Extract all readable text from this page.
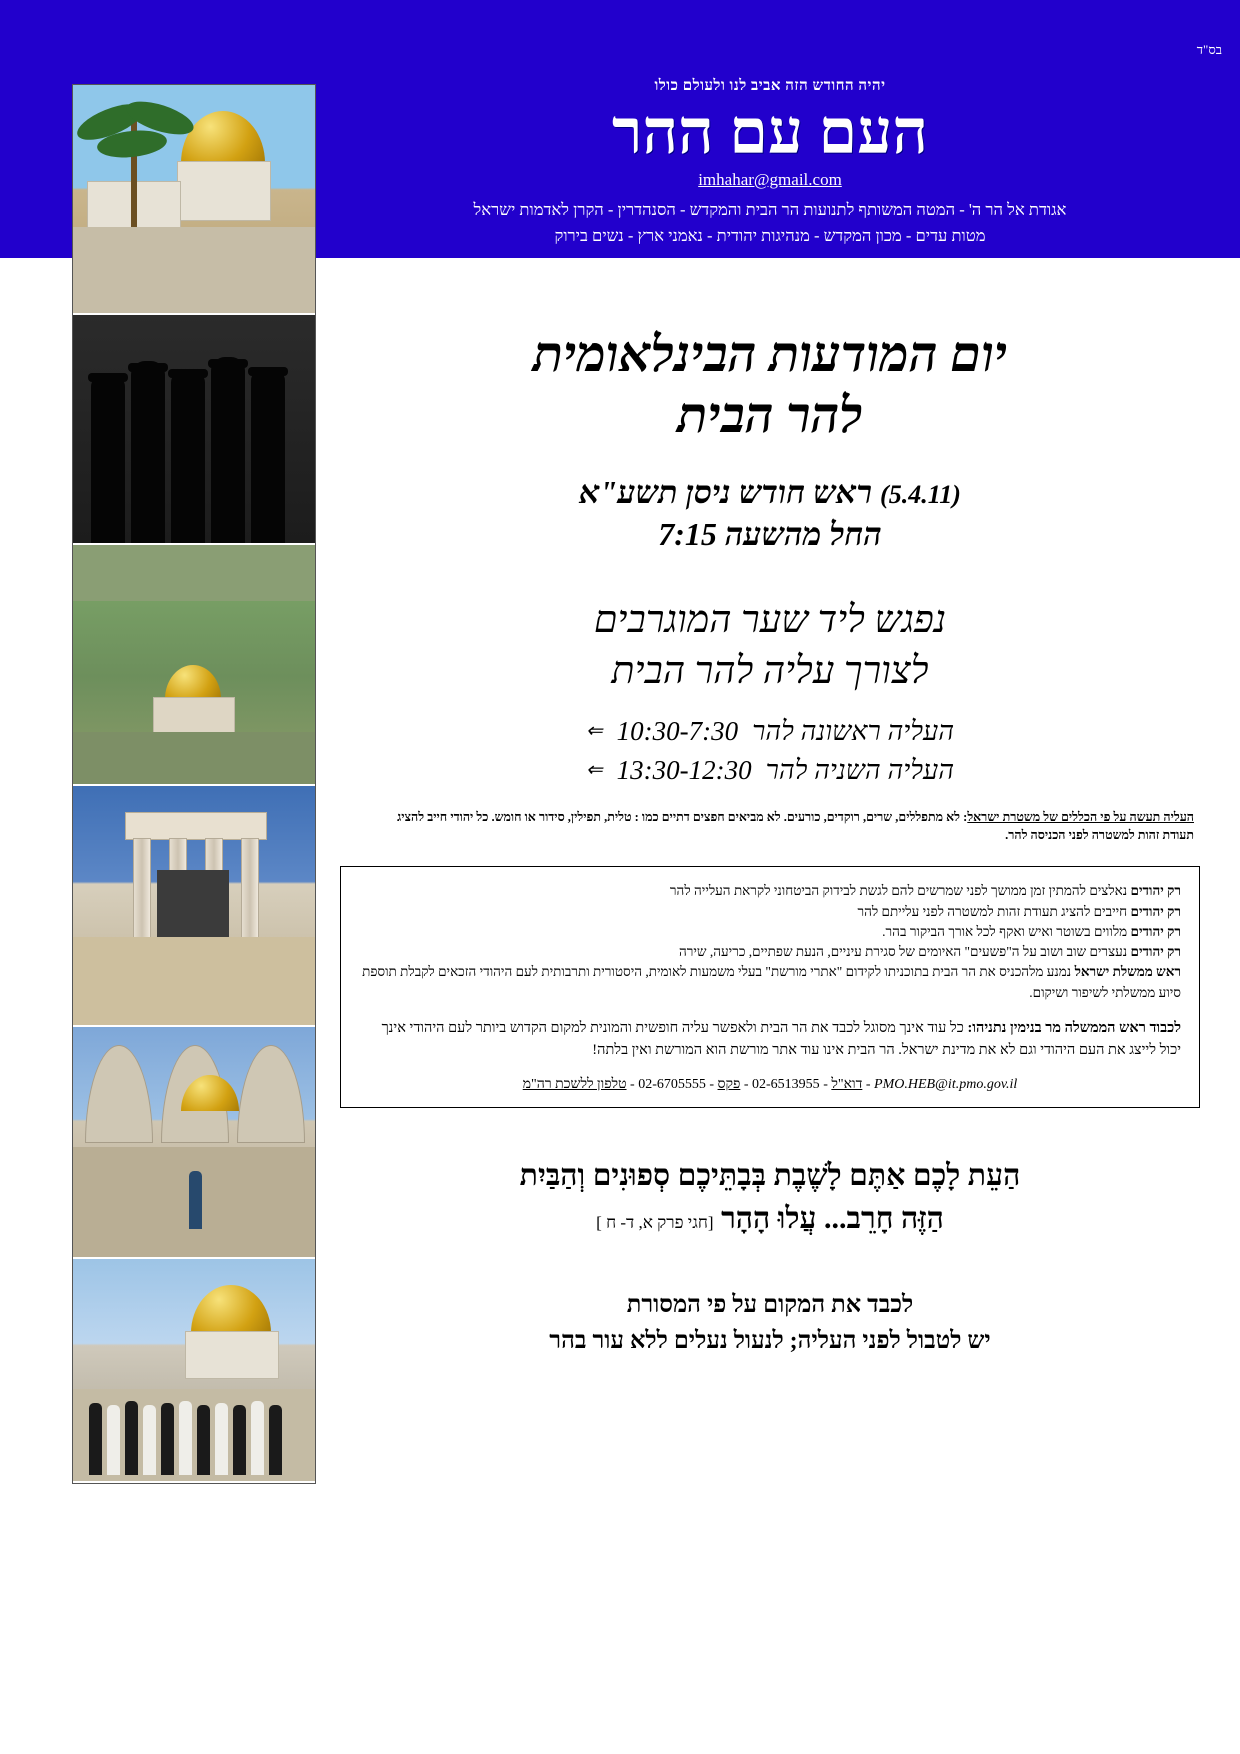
בס"ד
יהיה החודש הזה אביב לנו ולעולם כולו
העם עם ההר
imhahar@gmail.com
אגודת אל הר ה' - המטה המשותף לתנועות הר הבית והמקדש - הסנהדרין - הקרן לאדמות ישראל
מטות עדים - מכון המקדש - מנהיגות יהודית - נאמני ארץ - נשים בירוק
יום המודעות הבינלאומית
להר הבית
(5.4.11) ראש חודש ניסן תשע"א
החל מהשעה 7:15
נפגש ליד שער המוגרבים
לצורך עליה להר הבית
העליה ראשונה להר
10:30-7:30
⇐
העליה השניה להר
13:30-12:30
⇐
העליה תעשה על פי הכללים של משטרת ישראל: לא מתפללים, שרים, רוקדים, כורעים. לא מביאים חפצים דתיים כמו : טלית, תפילין, סידור או חומש. כל יהודי חייב להציג תעודת זהות למשטרה לפני הכניסה להר.
רק יהודים נאלצים להמתין זמן ממושך לפני שמרשים להם לגשת לבידוק הביטחוני לקראת העלייה להר
רק יהודים חייבים להציג תעודת זהות למשטרה לפני עלייתם להר
רק יהודים מלווים בשוטר ואיש ואקף לכל אורך הביקור בהר.
רק יהודים נעצרים שוב ושוב על ה"פשעים" האיומים של סגירת עיניים, הנעת שפתיים, כריעה, שירה
ראש ממשלת ישראל נמנע מלהכניס את הר הבית בתוכניתו לקידום "אתרי מורשת" בעלי משמעות לאומית, היסטורית ותרבותית לעם היהודי הזכאים לקבלת תוספת סיוע ממשלתי לשיפור ושיקום.
לכבוד ראש הממשלה מר בנימין נתניהו: כל עוד אינך מסוגל לכבד את הר הבית ולאפשר עליה חופשית והמונית למקום הקדוש ביותר לעם היהודי אינך יכול לייצג את העם היהודי וגם לא את מדינת ישראל. הר הבית אינו עוד אתר מורשת הוא המורשת ואין בלתה!
PMO.HEB@it.pmo.gov.il - דוא"ל - 02-6513955 - פקס - 02-6705555 - טלפון ללשכת רה"מ
הַעֵת לָכֶם אַתֶּם לָשֶׁבֶת בְּבָתֵּיכֶם סְפוּנִים וְהַבַּיִת
הַזֶּה חָרֵב... עֲלוּ הָהָר [חגי פרק א, ד- ח ]
לכבד את המקום על פי המסורת
יש לטבול לפני העליה; לנעול נעלים ללא עור בהר
